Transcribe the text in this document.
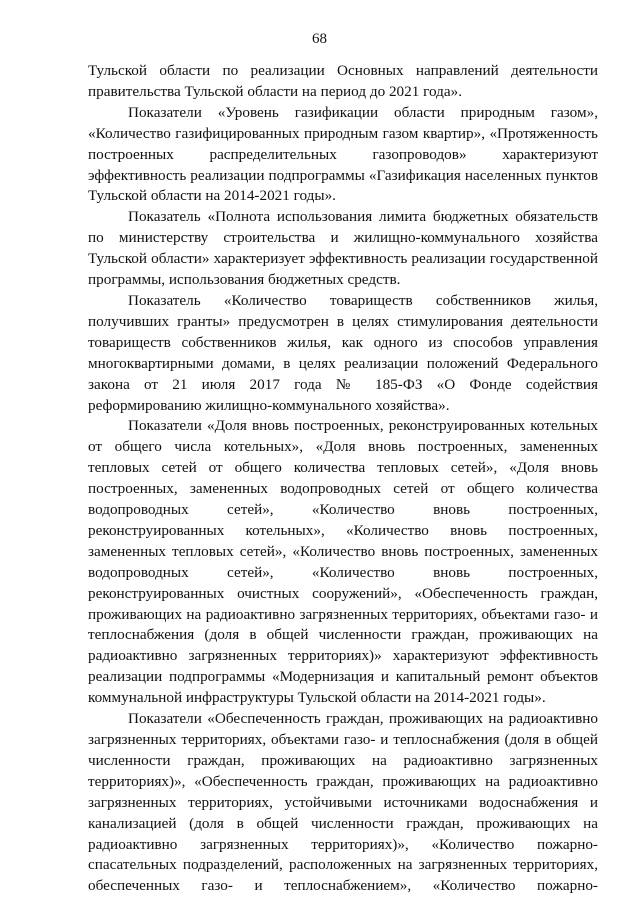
68

Тульской области по реализации Основных направлений деятельности правительства Тульской области на период до 2021 года».

Показатели «Уровень газификации области природным газом», «Количество газифицированных природным газом квартир», «Протяженность построенных распределительных газопроводов» характеризуют эффективность реализации подпрограммы «Газификация населенных пунктов Тульской области на 2014-2021 годы».

Показатель «Полнота использования лимита бюджетных обязательств по министерству строительства и жилищно-коммунального хозяйства Тульской области» характеризует эффективность реализации государственной программы, использования бюджетных средств.

Показатель «Количество товариществ собственников жилья, получивших гранты» предусмотрен в целях стимулирования деятельности товариществ собственников жилья, как одного из способов управления многоквартирными домами, в целях реализации положений Федерального закона от 21 июля 2017 года № 185-ФЗ «О Фонде содействия реформированию жилищно-коммунального хозяйства».

Показатели «Доля вновь построенных, реконструированных котельных от общего числа котельных», «Доля вновь построенных, замененных тепловых сетей от общего количества тепловых сетей», «Доля вновь построенных, замененных водопроводных сетей от общего количества водопроводных сетей», «Количество вновь построенных, реконструированных котельных», «Количество вновь построенных, замененных тепловых сетей», «Количество вновь построенных, замененных водопроводных сетей», «Количество вновь построенных, реконструированных очистных сооружений», «Обеспеченность граждан, проживающих на радиоактивно загрязненных территориях, объектами газо- и теплоснабжения (доля в общей численности граждан, проживающих на радиоактивно загрязненных территориях)» характеризуют эффективность реализации подпрограммы «Модернизация и капитальный ремонт объектов коммунальной инфраструктуры Тульской области на 2014-2021 годы».

Показатели «Обеспеченность граждан, проживающих на радиоактивно загрязненных территориях, объектами газо- и теплоснабжения (доля в общей численности граждан, проживающих на радиоактивно загрязненных территориях)», «Обеспеченность граждан, проживающих на радиоактивно загрязненных территориях, устойчивыми источниками водоснабжения и канализацией (доля в общей численности граждан, проживающих на радиоактивно загрязненных территориях)», «Количество пожарно-спасательных подразделений, расположенных на загрязненных территориях, обеспеченных газо- и теплоснабжением», «Количество пожарно-
